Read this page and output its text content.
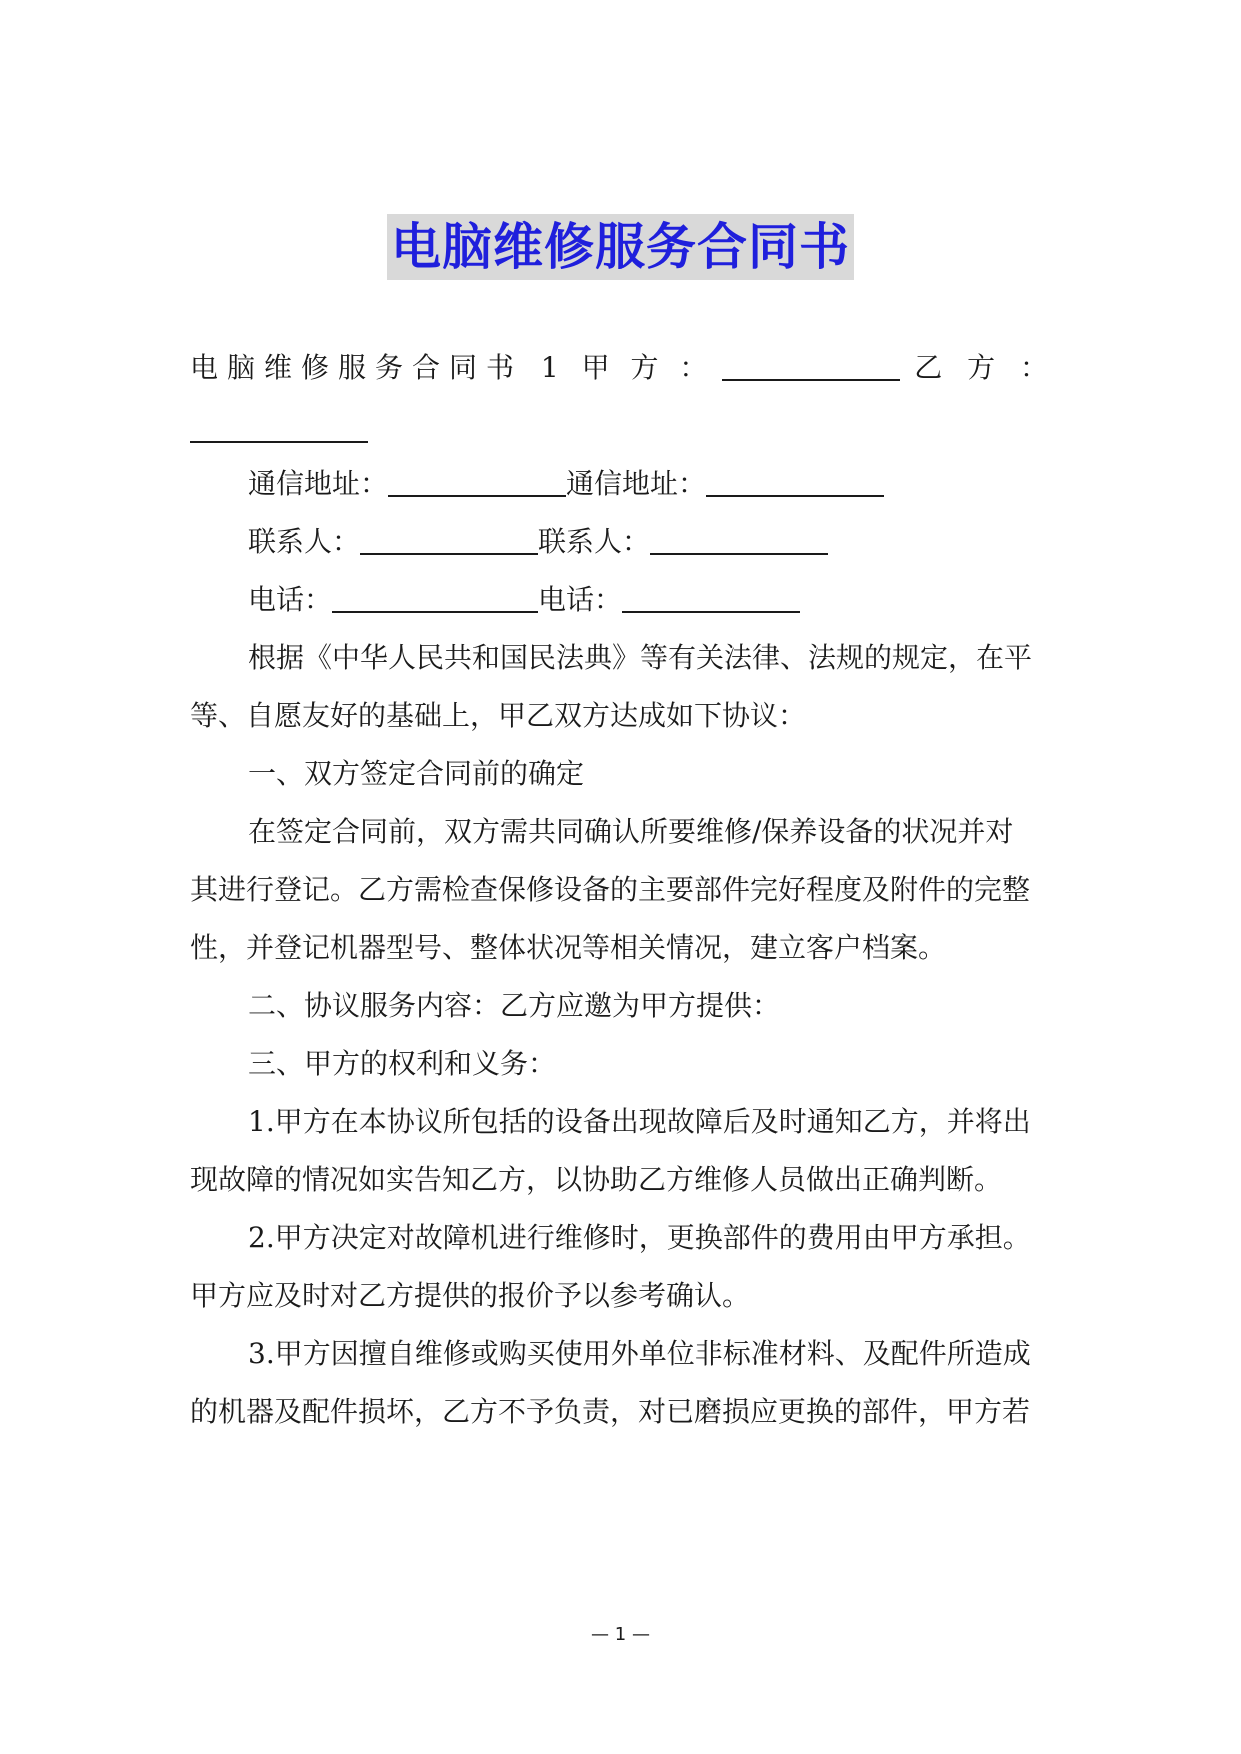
电脑维修服务合同书
电脑维修服务合同书 1 甲 方 ：	乙 方 ：
通信地址：	通信地址：
联系人：	联系人：
电话：	电话：
根据《中华人民共和国民法典》等有关法律、法规的规定，在平
等、自愿友好的基础上，甲乙双方达成如下协议：
一、双方签定合同前的确定
在签定合同前，双方需共同确认所要维修/保养设备的状况并对
其进行登记。乙方需检查保修设备的主要部件完好程度及附件的完整
性，并登记机器型号、整体状况等相关情况，建立客户档案。
二、协议服务内容：乙方应邀为甲方提供：
三、甲方的权利和义务：
1.甲方在本协议所包括的设备出现故障后及时通知乙方，并将出
现故障的情况如实告知乙方，以协助乙方维修人员做出正确判断。
2.甲方决定对故障机进行维修时，更换部件的费用由甲方承担。
甲方应及时对乙方提供的报价予以参考确认。
3.甲方因擅自维修或购买使用外单位非标准材料、及配件所造成
的机器及配件损坏，乙方不予负责，对已磨损应更换的部件，甲方若
— 1 —
